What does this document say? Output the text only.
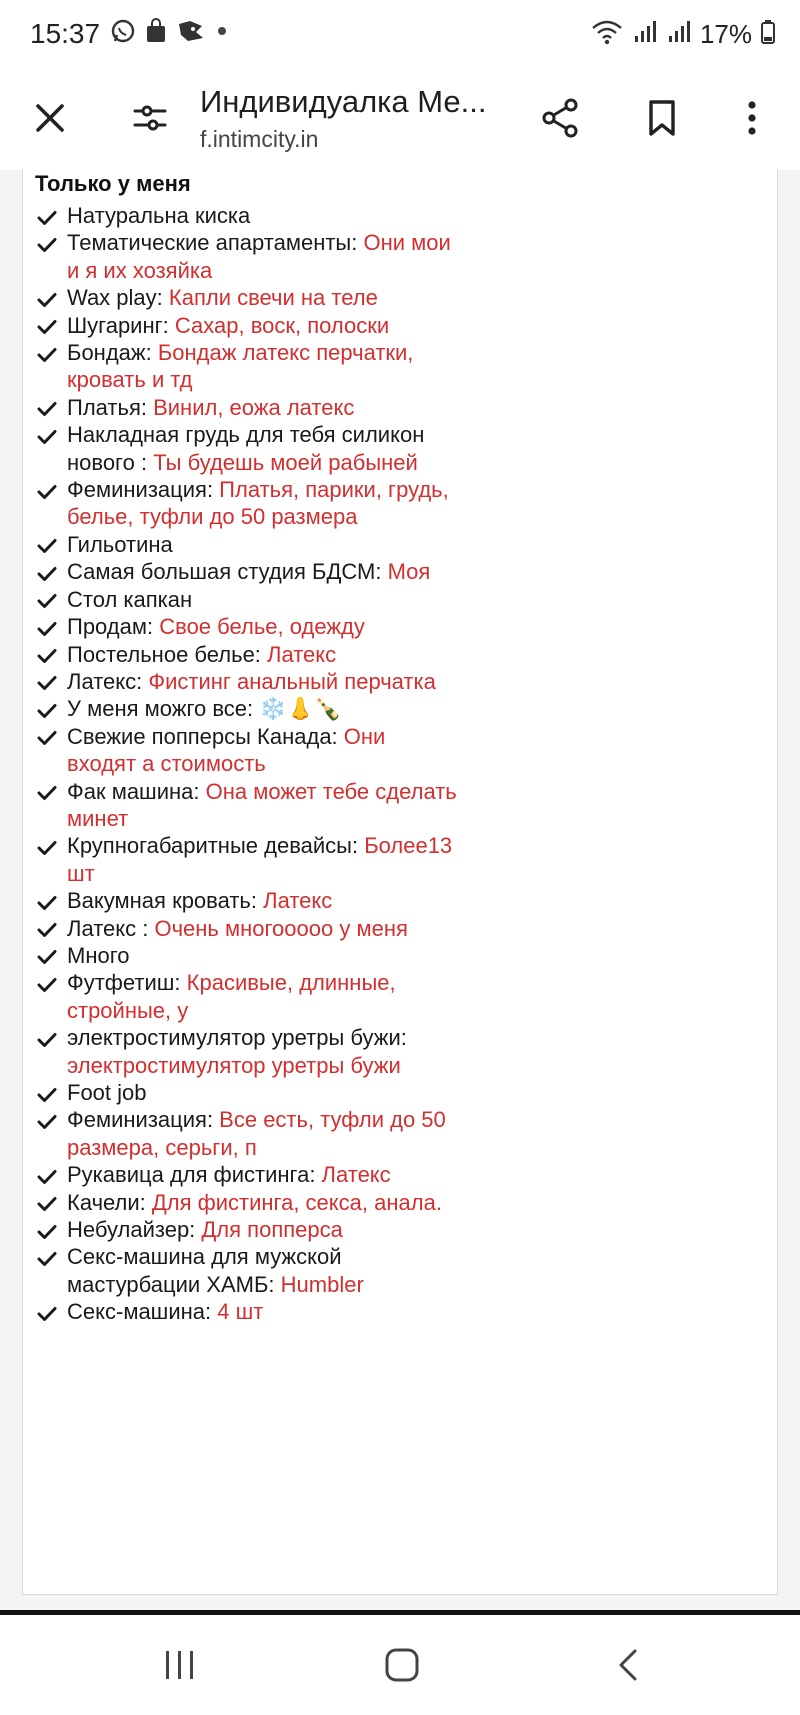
15:37	17%
Индивидуалка Ме...
f.intimcity.in
Только у меня
Натуральна киска
Тематические апартаменты: Они мои и я их хозяйка
Wax play: Капли свечи на теле
Шугаринг: Сахар, воск, полоски
Бондаж: Бондаж латекс перчатки, кровать и тд
Платья: Винил, еожа латекс
Накладная грудь для тебя силикон нового : Ты будешь моей рабыней
Феминизация: Платья, парики, грудь, белье, туфли до 50 размера
Гильотина
Самая большая студия БДСМ: Моя
Стол капкан
Продам: Свое белье, одежду
Постельное белье: Латекс
Латекс: Фистинг анальный перчатка
У меня можго все: ❄️👃🍾
Свежие попперсы Канада: Они входят а стоимость
Фак машина: Она может тебе сделать минет
Крупногабаритные девайсы: Более13 шт
Вакумная кровать: Латекс
Латекс : Очень многоoooo у меня
Много
Футфетиш: Красивые, длинные, стройные, у
электростимулятор уретры бужи: электростимулятор уретры бужи
Foot job
Феминизация: Все есть, туфли до 50 размера, серьги, п
Рукавица для фистинга: Латекс
Качели: Для фистинга, секса, анала.
Небулайзер: Для попперса
Секс-машина для мужской мастурбации ХАМБ: Humbler
Секс-машина: 4 шт
